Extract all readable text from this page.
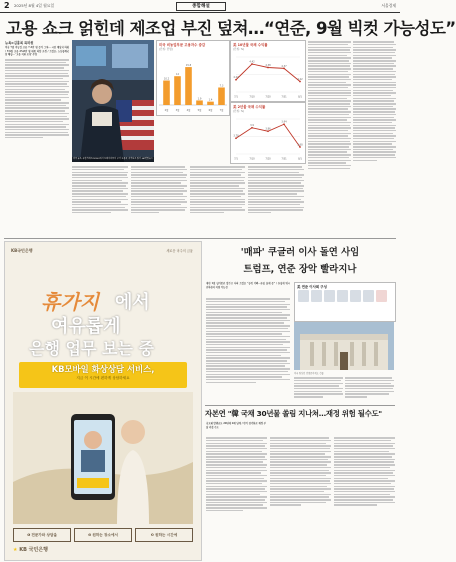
2 2025년 8월 4일 월요일	종합해설	서울경제
고용 쇼크 얽힌데 제조업 부진 덮쳐…“연준, 9월 빅컷 가능성도”
뉴욕=김흥록 특파원
미국 7월 비농업 고용 7.3만 명 증가 그쳐… 시장 예상치 하회 / 5·6월 고용 25.8만 명 대폭 하향 조정 / 트럼프, 노동통계국장 해임… '고용 지표 조작' 주장
미국 뉴욕 증권거래소(NYSE)에서 트레이더들이 주가 흐름을 지켜보고 있다. AP연합뉴스
미국 비농업부문 고용자수 증감
(단위: 만명)
10.2
2월
12
3월
15.8
4월
1.9
5월
1.4
6월
7.3
7월
美 10년물 국채 수익률
(단위: %)
4.24
7/1
4.42
7/10
4.38
7/20
4.37
7/31
4.22
8/1
美 2년물 국채 수익률
(단위: %)
3.78
7/1
3.9
7/10
3.86
7/20
3.94
7/31
3.68
8/1
KB국민은행	새로운 마주의 금융
휴가지 에서
여유롭게
은행 업무 보는 중
KB모바일 화상상담 서비스,
지금 이 시간에 편하게 상담하세요
❶ 전문가와 상담을	❷ 원하는 장소에서	❸ 원하는 시간에
★ KB 국민은행
'매파' 쿠글러 이사 돌연 사임
트럼프, 연준 장악 빨라지나
내년 1월 임기종료 앞두고 사의 트럼프 "공석 기뻐…후임 물색 중" / 후임에 역시 인하론자 지명 가능성	美 연준 이사회 구성
미국 워싱턴 연방준비제도 건물
자본연 "韓 국채 30년물 쏠림 지나쳐…재정 위험 될수도"
국고채 발행규모 20년새 2배 넘게 / 만기 장기화로 재정 부담 커질 수도
